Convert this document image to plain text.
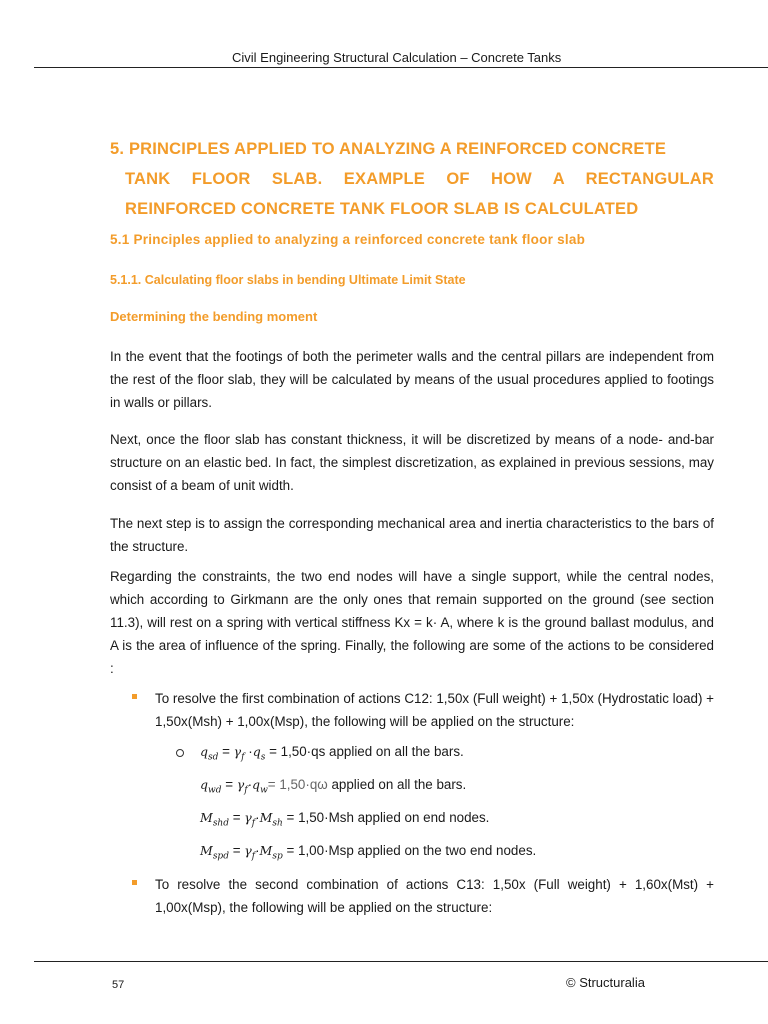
Civil Engineering Structural Calculation – Concrete Tanks
5. PRINCIPLES APPLIED TO ANALYZING A REINFORCED CONCRETE
TANK FLOOR SLAB. EXAMPLE OF HOW A RECTANGULAR
REINFORCED CONCRETE TANK FLOOR SLAB IS CALCULATED
5.1 Principles applied to analyzing a reinforced concrete tank floor slab
5.1.1. Calculating floor slabs in bending Ultimate Limit State
Determining the bending moment
In the event that the footings of both the perimeter walls and the central pillars are independent from the rest of the floor slab, they will be calculated by means of the usual procedures applied to footings in walls or pillars.
Next, once the floor slab has constant thickness, it will be discretized by means of a node- and-bar structure on an elastic bed. In fact, the simplest discretization, as explained in previous sessions, may consist of a beam of unit width.
The next step is to assign the corresponding mechanical area and inertia characteristics to the bars of the structure.
Regarding the constraints, the two end nodes will have a single support, while the central nodes, which according to Girkmann are the only ones that remain supported on the ground (see section 11.3), will rest on a spring with vertical stiffness Kx = k· A, where k is the ground ballast modulus, and A is the area of influence of the spring. Finally, the following are some of the actions to be considered :
To resolve the first combination of actions C12: 1,50x (Full weight) + 1,50x (Hydrostatic load) + 1,50x(Msh) + 1,00x(Msp), the following will be applied on the structure:
$q_{sd} = \gamma_f \cdot q_s = 1,50\cdot qs$ applied on all the bars.
$q_{wd} = \gamma_f\cdot q_w= 1,50\cdot q\omega$ applied on all the bars.
$M_{shd} = \gamma_f\cdot M_{sh} = 1,50\cdot Msh$ applied on end nodes.
$M_{spd} = \gamma_f\cdot M_{sp} = 1,00\cdot Msp$ applied on the two end nodes.
To resolve the second combination of actions C13: 1,50x (Full weight) + 1,60x(Mst) + 1,00x(Msp), the following will be applied on the structure:
57	© Structuralia
